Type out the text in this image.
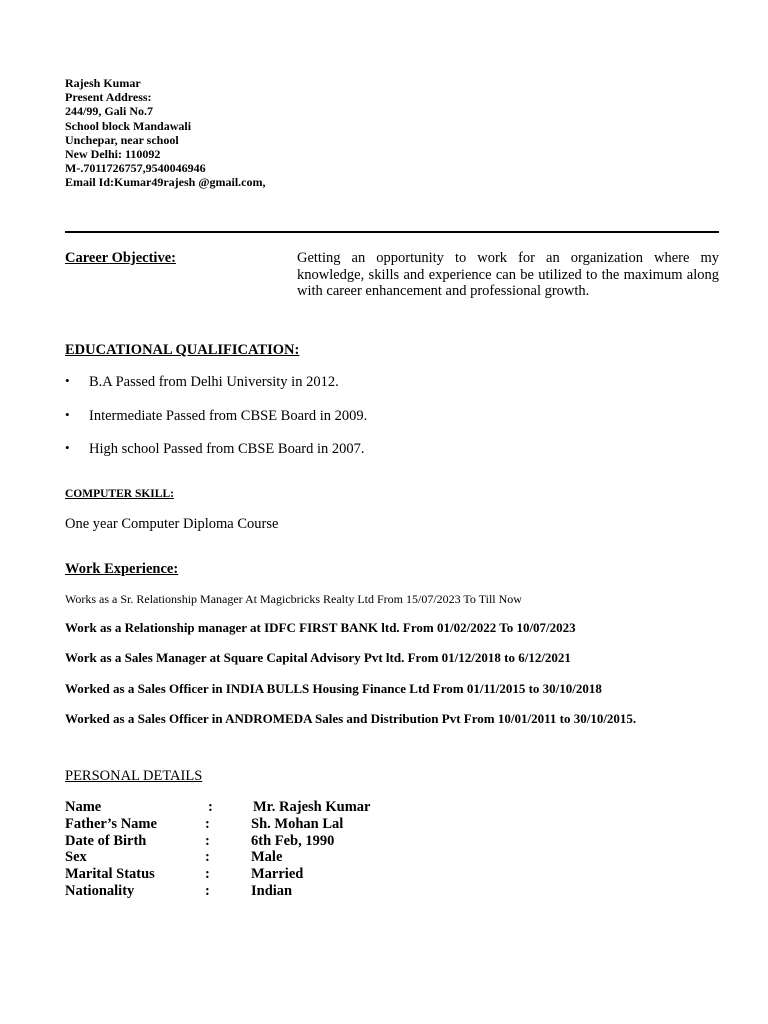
Rajesh Kumar
Present Address:
244/99, Gali No.7
School block Mandawali
Unchepar, near school
New Delhi: 110092
M-.7011726757,9540046946
Email Id:Kumar49rajesh @gmail.com,
Career Objective:	Getting an opportunity to work for an organization where my knowledge, skills and experience can be utilized to the maximum along with career enhancement and professional growth.
EDUCATIONAL QUALIFICATION:
• B.A Passed from Delhi University in 2012.
• Intermediate Passed from CBSE Board in 2009.
• High school Passed from CBSE Board in 2007.
COMPUTER SKILL:
One year Computer Diploma Course
Work Experience:
Works as a Sr. Relationship Manager At Magicbricks Realty Ltd From 15/07/2023 To Till Now
Work as a Relationship manager at IDFC FIRST BANK ltd. From 01/02/2022 To 10/07/2023
Work as a Sales Manager at Square Capital Advisory Pvt ltd. From 01/12/2018 to 6/12/2021
Worked as a Sales Officer in INDIA BULLS Housing Finance Ltd From 01/11/2015 to 30/10/2018
Worked as a Sales Officer in ANDROMEDA Sales and Distribution Pvt From 10/01/2011 to 30/10/2015.
PERSONAL DETAILS
Name	:	Mr. Rajesh Kumar
Father’s Name	:	Sh. Mohan Lal
Date of Birth	:	6th Feb, 1990
Sex	:	Male
Marital Status	:	Married
Nationality	:	Indian
